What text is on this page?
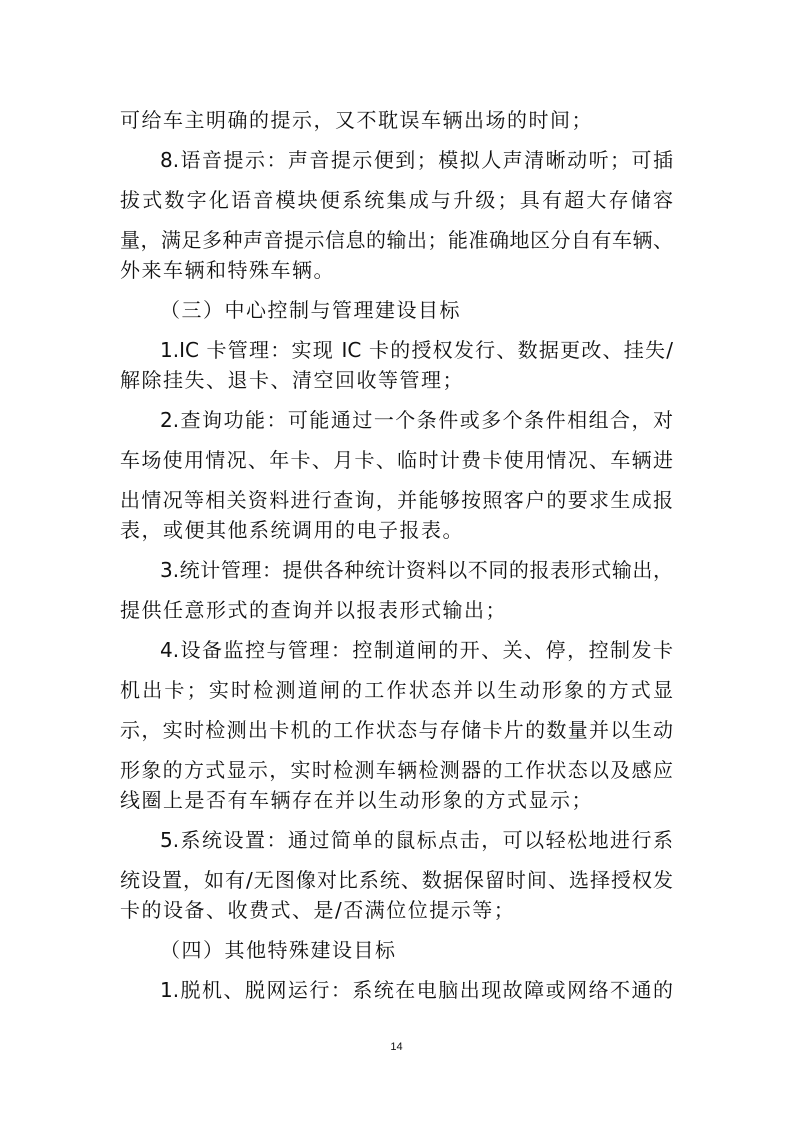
可给车主明确的提示，又不耽误车辆出场的时间；
8.语音提示：声音提示便到；模拟人声清晰动听；可插
拔式数字化语音模块便系统集成与升级；具有超大存储容
量，满足多种声音提示信息的输出；能准确地区分自有车辆、
外来车辆和特殊车辆。
（三）中心控制与管理建设目标
1.IC 卡管理：实现 IC 卡的授权发行、数据更改、挂失/
解除挂失、退卡、清空回收等管理；
2.查询功能：可能通过一个条件或多个条件相组合，对
车场使用情况、年卡、月卡、临时计费卡使用情况、车辆进
出情况等相关资料进行查询，并能够按照客户的要求生成报
表，或便其他系统调用的电子报表。
3.统计管理：提供各种统计资料以不同的报表形式输出，
提供任意形式的查询并以报表形式输出；
4.设备监控与管理：控制道闸的开、关、停，控制发卡
机出卡；实时检测道闸的工作状态并以生动形象的方式显
示，实时检测出卡机的工作状态与存储卡片的数量并以生动
形象的方式显示，实时检测车辆检测器的工作状态以及感应
线圈上是否有车辆存在并以生动形象的方式显示；
5.系统设置：通过简单的鼠标点击，可以轻松地进行系
统设置，如有/无图像对比系统、数据保留时间、选择授权发
卡的设备、收费式、是/否满位位提示等；
（四）其他特殊建设目标
1.脱机、脱网运行：系统在电脑出现故障或网络不通的
14
